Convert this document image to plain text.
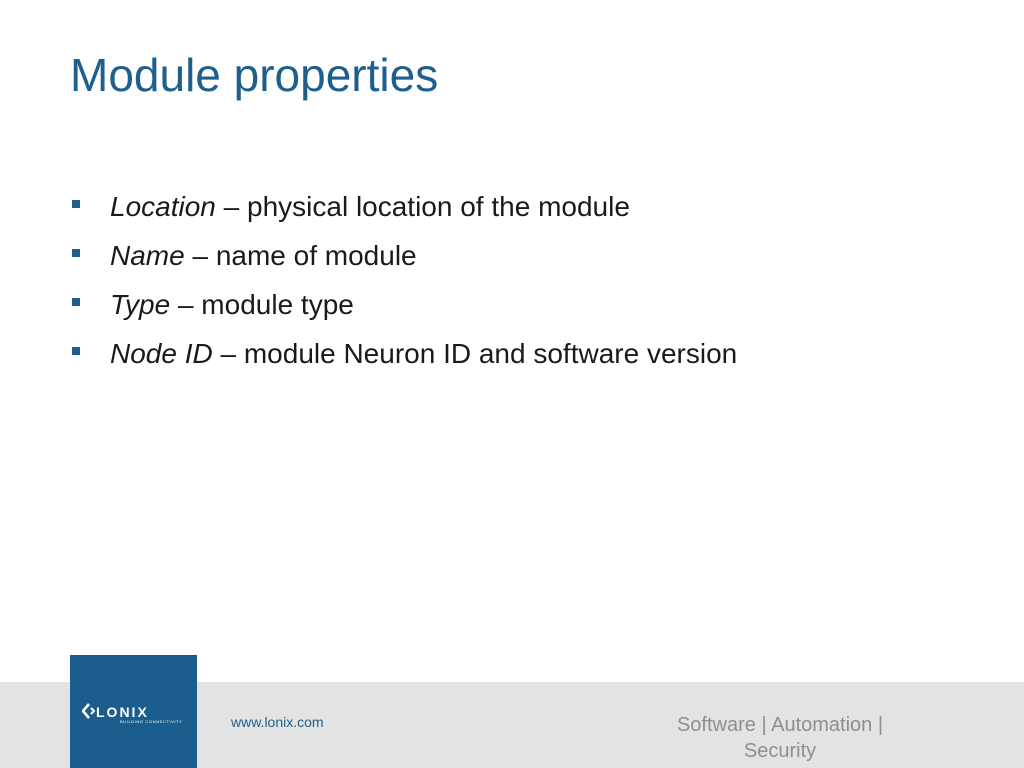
Module properties
Location – physical location of the module
Name – name of module
Type – module type
Node ID – module Neuron ID and software version
LONIX
BUILDING CONNECTIVITY	www.lonix.com	Software | Automation | Security
